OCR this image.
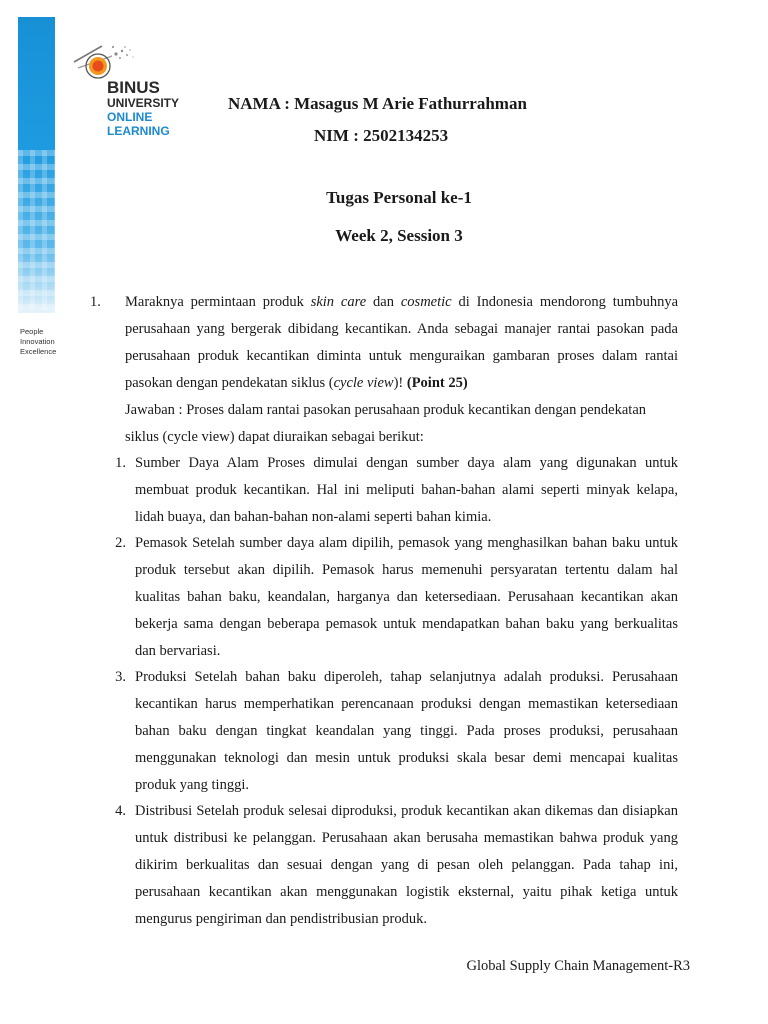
People
Innovation
Excellence
BINUS
UNIVERSITY
ONLINE
LEARNING
NAMA : Masagus M Arie Fathurrahman
NIM : 2502134253
Tugas Personal ke-1
Week 2, Session 3
1. Maraknya permintaan produk skin care dan cosmetic di Indonesia mendorong tumbuhnya perusahaan yang bergerak dibidang kecantikan. Anda sebagai manajer rantai pasokan pada perusahaan produk kecantikan diminta untuk menguraikan gambaran proses dalam rantai pasokan dengan pendekatan siklus (cycle view)! (Point 25)
Jawaban : Proses dalam rantai pasokan perusahaan produk kecantikan dengan pendekatan siklus (cycle view) dapat diuraikan sebagai berikut:
1. Sumber Daya Alam Proses dimulai dengan sumber daya alam yang digunakan untuk membuat produk kecantikan. Hal ini meliputi bahan-bahan alami seperti minyak kelapa, lidah buaya, dan bahan-bahan non-alami seperti bahan kimia.
2. Pemasok Setelah sumber daya alam dipilih, pemasok yang menghasilkan bahan baku untuk produk tersebut akan dipilih. Pemasok harus memenuhi persyaratan tertentu dalam hal kualitas bahan baku, keandalan, harganya dan ketersediaan. Perusahaan kecantikan akan bekerja sama dengan beberapa pemasok untuk mendapatkan bahan baku yang berkualitas dan bervariasi.
3. Produksi Setelah bahan baku diperoleh, tahap selanjutnya adalah produksi. Perusahaan kecantikan harus memperhatikan perencanaan produksi dengan memastikan ketersediaan bahan baku dengan tingkat keandalan yang tinggi. Pada proses produksi, perusahaan menggunakan teknologi dan mesin untuk produksi skala besar demi mencapai kualitas produk yang tinggi.
4. Distribusi Setelah produk selesai diproduksi, produk kecantikan akan dikemas dan disiapkan untuk distribusi ke pelanggan. Perusahaan akan berusaha memastikan bahwa produk yang dikirim berkualitas dan sesuai dengan yang di pesan oleh pelanggan. Pada tahap ini, perusahaan kecantikan akan menggunakan logistik eksternal, yaitu pihak ketiga untuk mengurus pengiriman dan pendistribusian produk.
Global Supply Chain Management-R3
